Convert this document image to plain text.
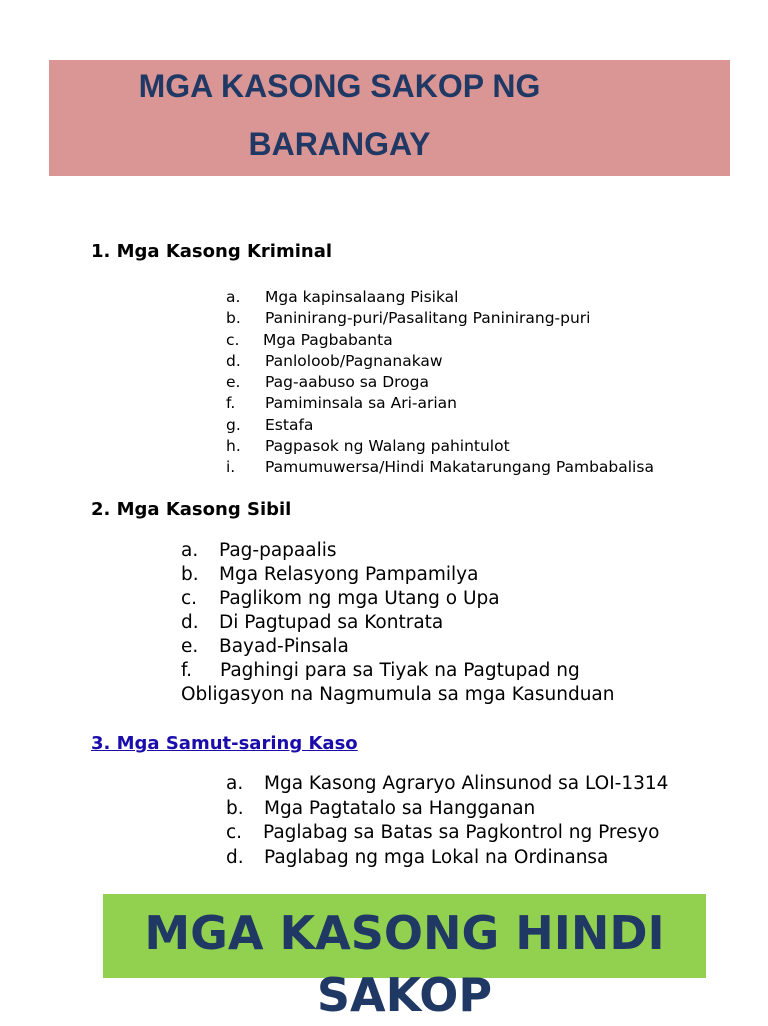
MGA KASONG SAKOP NG
BARANGAY
1. Mga Kasong Kriminal
a. Mga kapinsalaang Pisikal
b. Paninirang-puri/Pasalitang Paninirang-puri
c. Mga Pagbabanta
d. Panloloob/Pagnanakaw
e. Pag-aabuso sa Droga
f. Pamiminsala sa Ari-arian
g. Estafa
h. Pagpasok ng Walang pahintulot
i. Pamumuwersa/Hindi Makatarungang Pambabalisa
2. Mga Kasong Sibil
a. Pag-papaalis
b. Mga Relasyong Pampamilya
c. Paglikom ng mga Utang o Upa
d. Di Pagtupad sa Kontrata
e. Bayad-Pinsala
f. Paghingi para sa Tiyak na Pagtupad ng
Obligasyon na Nagmumula sa mga Kasunduan
3. Mga Samut-saring Kaso
a. Mga Kasong Agraryo Alinsunod sa LOI-1314
b. Mga Pagtatalo sa Hangganan
c. Paglabag sa Batas sa Pagkontrol ng Presyo
d. Paglabag ng mga Lokal na Ordinansa
MGA KASONG HINDI
SAKOP
